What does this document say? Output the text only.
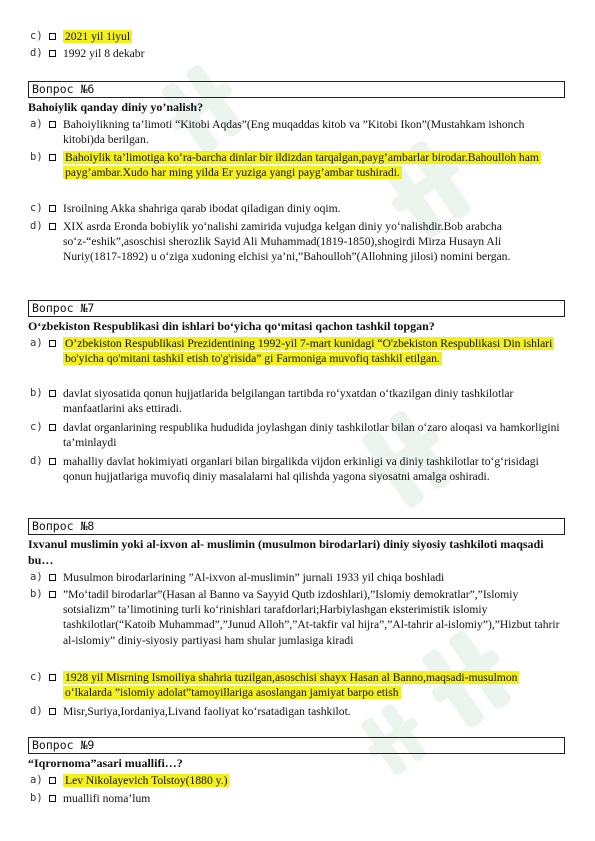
c) 2021 yil 1iyul
d) 1992 yil 8 dekabr
Вопрос №6
Bahoiylik qanday diniy yo’nalish?
a) Bahoiylikning ta’limoti “Kitobi Aqdas”(Eng muqaddas kitob va ”Kitobi Ikon”(Mustahkam ishonch kitobi)da berilgan.
b) Bahoiylik ta’limotiga ko‘ra-barcha dinlar bir ildizdan tarqalgan,payg’ambarlar birodar.Bahoulloh ham payg’ambar.Xudo har ming yilda Er yuziga yangi payg’ambar tushiradi.
c) Isroilning Akka shahriga qarab ibodat qiladigan diniy oqim.
d) XIX asrda Eronda bobiylik yo‘nalishi zamirida vujudga kelgan diniy yo‘nalishdir.Bob arabcha so‘z-“eshik”,asoschisi sherozlik Sayid Ali Muhammad(1819-1850),shogirdi Mirza Husayn Ali Nuriy(1817-1892) u o‘ziga xudoning elchisi ya’ni,”Bahoulloh”(Allohning jilosi) nomini bergan.
Вопрос №7
O‘zbekiston Respublikasi din ishlari bo‘yicha qo‘mitasi qachon tashkil topgan?
a) O’zbekiston Respublikasi Prezidentining 1992-yil 7-mart kunidagi “O'zbekiston Respublikasi Din ishlari bo'yicha qo'mitani tashkil etish to'g'risida” gi Farmoniga muvofiq tashkil etilgan.
b) davlat siyosatida qonun hujjatlarida belgilangan tartibda ro‘yxatdan o‘tkazilgan diniy tashkilotlar manfaatlarini aks ettiradi.
c) davlat organlarining respublika hududida joylashgan diniy tashkilotlar bilan o‘zaro aloqasi va hamkorligini ta’minlaydi
d) mahalliy davlat hokimiyati organlari bilan birgalikda vijdon erkinligi va diniy tashkilotlar to‘g‘risidagi qonun hujjatlariga muvofiq diniy masalalarni hal qilishda yagona siyosatni amalga oshiradi.
Вопрос №8
Ixvanul muslimin yoki al-ixvon al- muslimin (musulmon birodarlari) diniy siyosiy tashkiloti maqsadi bu…
a) Musulmon birodarlarining ”Al-ixvon al-muslimin” jurnali 1933 yil chiqa boshladi
b) ”Mo‘tadil birodarlar”(Hasan al Banno va Sayyid Qutb izdoshlari),”Islomiy demokratlar”,”Islomiy sotsializm” ta’limotining turli ko‘rinishlari tarafdorlari;Harbiylashgan eksterimistik islomiy tashkilotlar(“Katoib Muhammad”,”Junud Alloh”,”At-takfir val hijra”,”Al-tahrir al-islomiy”),”Hizbut tahrir al-islomiy” diniy-siyosiy partiyasi ham shular jumlasiga kiradi
c) 1928 yil Misrning Ismoiliya shahria tuzilgan,asoschisi shayx Hasan al Banno,maqsadi-musulmon o‘lkalarda ”islomiy adolat”tamoyillariga asoslangan jamiyat barpo etish
d) Misr,Suriya,Iordaniya,Livand faoliyat ko‘rsatadigan tashkilot.
Вопрос №9
“Iqrornoma”asari muallifi…?
a) Lev Nikolayevich Tolstoy(1880 y.)
b) muallifi noma’lum
